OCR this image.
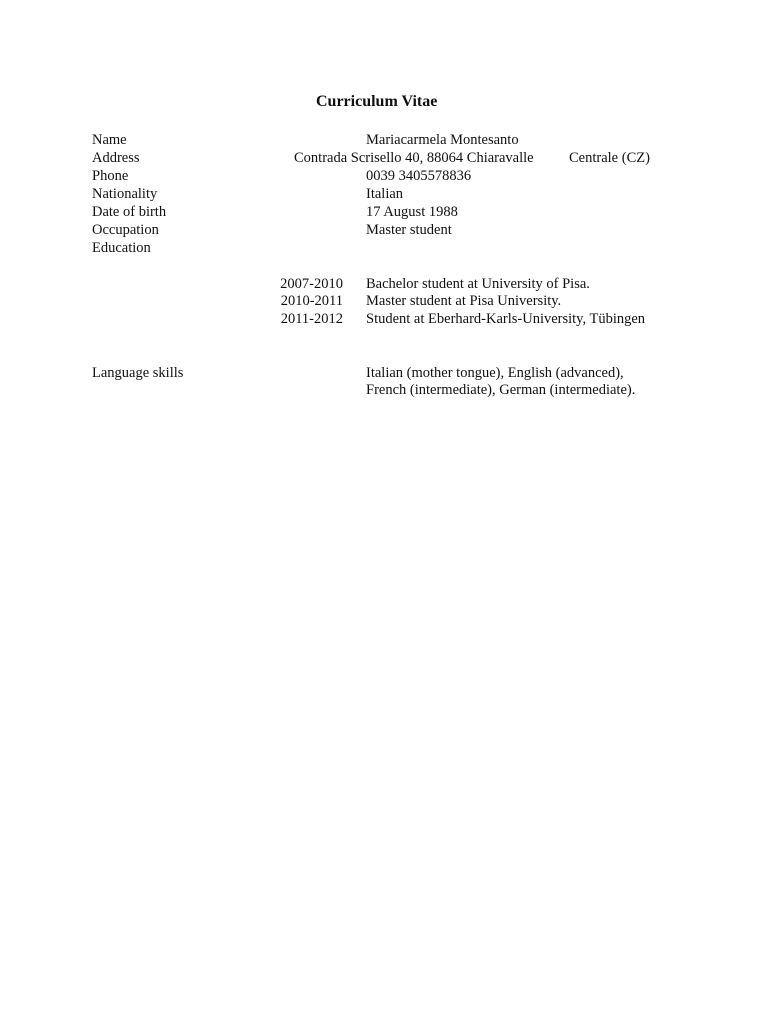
Curriculum Vitae
Name
Address
Phone
Nationality
Date of birth
Occupation
Education
Mariacarmela Montesanto
Contrada Scrisello 40, 88064 Chiaravalle Centrale (CZ)
0039 3405578836
Italian
17 August 1988
Master student
2007-2010 Bachelor student at University of Pisa.
2010-2011 Master student at Pisa University.
2011-2012 Student at Eberhard-Karls-University, Tübingen
Language skills	Italian (mother tongue), English (advanced),
French (intermediate), German (intermediate).
